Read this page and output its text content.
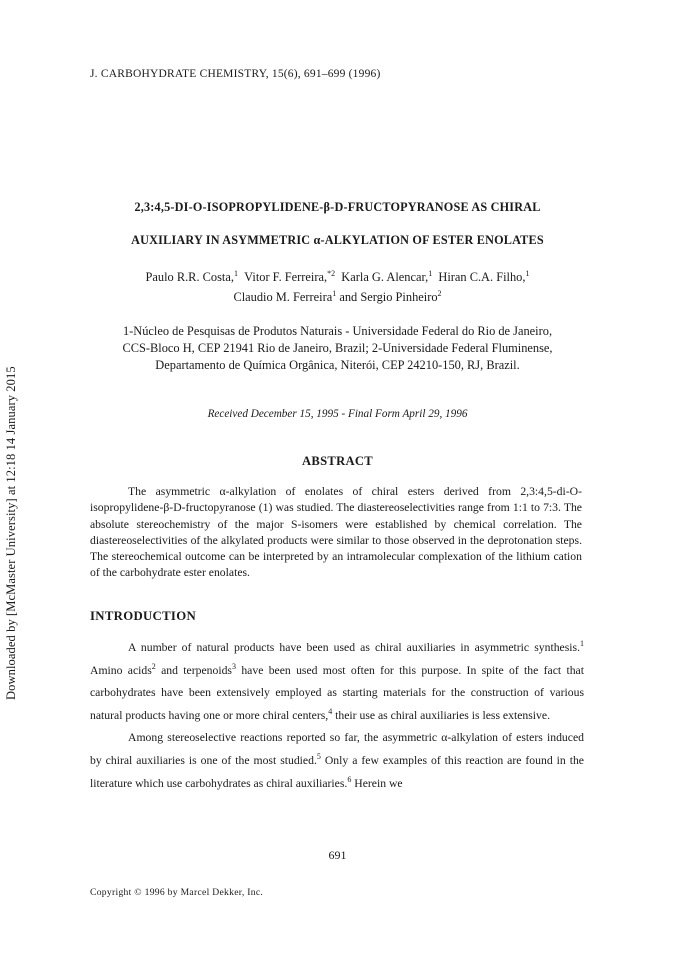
J. CARBOHYDRATE CHEMISTRY, 15(6), 691–699 (1996)
Downloaded by [McMaster University] at 12:18 14 January 2015
2,3:4,5-DI-O-ISOPROPYLIDENE-β-D-FRUCTOPYRANOSE AS CHIRAL
AUXILIARY IN ASYMMETRIC α-ALKYLATION OF ESTER ENOLATES
Paulo R.R. Costa,$^1$ Vitor F. Ferreira,$^{*2}$ Karla G. Alencar,$^1$ Hiran C.A. Filho,$^1$
Claudio M. Ferreira$^1$ and Sergio Pinheiro$^2$
1-Núcleo de Pesquisas de Produtos Naturais - Universidade Federal do Rio de Janeiro,
CCS-Bloco H, CEP 21941 Rio de Janeiro, Brazil; 2-Universidade Federal Fluminense,
Departamento de Química Orgânica, Niterói, CEP 24210-150, RJ, Brazil.
Received December 15, 1995 - Final Form April 29, 1996
ABSTRACT

The asymmetric α-alkylation of enolates of chiral esters derived from 2,3:4,5-di-O-isopropylidene-β-D-fructopyranose (1) was studied. The diastereoselectivities range from 1:1 to 7:3. The absolute stereochemistry of the major S-isomers were established by chemical correlation. The diastereoselectivities of the alkylated products were similar to those observed in the deprotonation steps. The stereochemical outcome can be interpreted by an intramolecular complexation of the lithium cation of the carbohydrate ester enolates.

INTRODUCTION

A number of natural products have been used as chiral auxiliaries in asymmetric synthesis.$^1$ Amino acids$^2$ and terpenoids$^3$ have been used most often for this purpose. In spite of the fact that carbohydrates have been extensively employed as starting materials for the construction of various natural products having one or more chiral centers,$^4$ their use as chiral auxiliaries is less extensive.

Among stereoselective reactions reported so far, the asymmetric α-alkylation of esters induced by chiral auxiliaries is one of the most studied.$^5$ Only a few examples of this reaction are found in the literature which use carbohydrates as chiral auxiliaries.$^6$ Herein we

691
Copyright © 1996 by Marcel Dekker, Inc.
